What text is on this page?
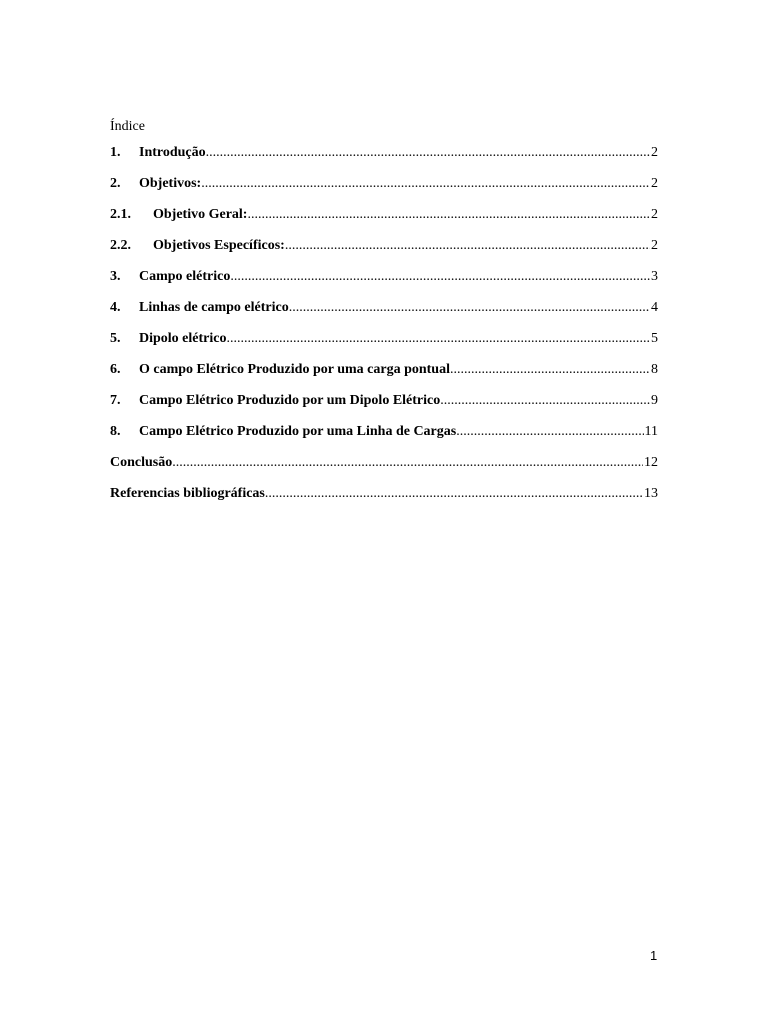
Índice
1.	Introdução .....	2
2.	Objetivos: .....	2
2.1.	Objetivo Geral: .....	2
2.2.	Objetivos Específicos: .....	2
3.	Campo elétrico .....	3
4.	Linhas de campo elétrico .....	4
5.	Dipolo elétrico .....	5
6.	O campo Elétrico Produzido por uma carga pontual .....	8
7.	Campo Elétrico Produzido por um Dipolo Elétrico .....	9
8.	Campo Elétrico Produzido por uma Linha de Cargas .....	11
Conclusão .....	12
Referencias bibliográficas .....	13
1
